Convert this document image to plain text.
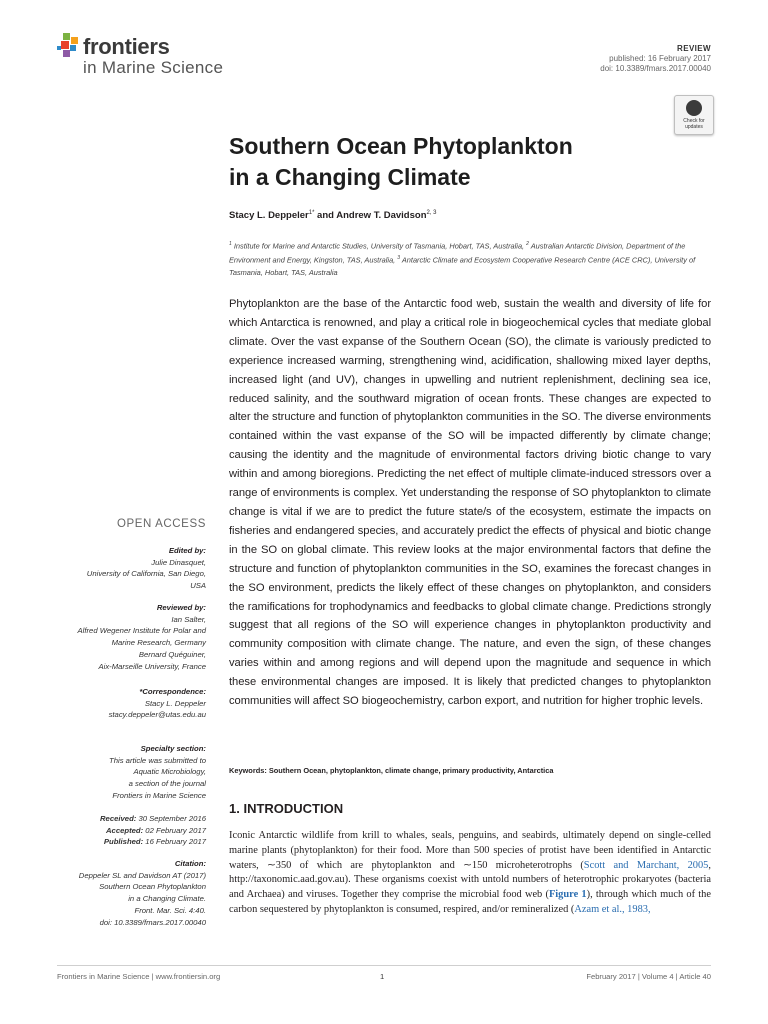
frontiers
in Marine Science
REVIEW
published: 16 February 2017
doi: 10.3389/fmars.2017.00040
Check for
updates
Southern Ocean Phytoplankton
in a Changing Climate
Stacy L. Deppeler$^{1*}$ and Andrew T. Davidson$^{2, 3}$
$^1$ Institute for Marine and Antarctic Studies, University of Tasmania, Hobart, TAS, Australia, $^2$ Australian Antarctic Division, Department of the Environment and Energy, Kingston, TAS, Australia, $^3$ Antarctic Climate and Ecosystem Cooperative Research Centre (ACE CRC), University of Tasmania, Hobart, TAS, Australia
Phytoplankton are the base of the Antarctic food web, sustain the wealth and diversity of life for which Antarctica is renowned, and play a critical role in biogeochemical cycles that mediate global climate. Over the vast expanse of the Southern Ocean (SO), the climate is variously predicted to experience increased warming, strengthening wind, acidification, shallowing mixed layer depths, increased light (and UV), changes in upwelling and nutrient replenishment, declining sea ice, reduced salinity, and the southward migration of ocean fronts. These changes are expected to alter the structure and function of phytoplankton communities in the SO. The diverse environments contained within the vast expanse of the SO will be impacted differently by climate change; causing the identity and the magnitude of environmental factors driving biotic change to vary within and among bioregions. Predicting the net effect of multiple climate-induced stressors over a range of environments is complex. Yet understanding the response of SO phytoplankton to climate change is vital if we are to predict the future state/s of the ecosystem, estimate the impacts on fisheries and endangered species, and accurately predict the effects of physical and biotic change in the SO on global climate. This review looks at the major environmental factors that define the structure and function of phytoplankton communities in the SO, examines the forecast changes in the SO environment, predicts the likely effect of these changes on phytoplankton, and considers the ramifications for trophodynamics and feedbacks to global climate change. Predictions strongly suggest that all regions of the SO will experience changes in phytoplankton productivity and community composition with climate change. The nature, and even the sign, of these changes varies within and among regions and will depend upon the magnitude and sequence in which these environmental changes are imposed. It is likely that predicted changes to phytoplankton communities will affect SO biogeochemistry, carbon export, and nutrition for higher trophic levels.
Keywords: Southern Ocean, phytoplankton, climate change, primary productivity, Antarctica
1. INTRODUCTION
Iconic Antarctic wildlife from krill to whales, seals, penguins, and seabirds, ultimately depend on single-celled marine plants (phytoplankton) for their food. More than 500 species of protist have been identified in Antarctic waters, ∼350 of which are phytoplankton and ∼150 microheterotrophs (Scott and Marchant, 2005, http://taxonomic.aad.gov.au). These organisms coexist with untold numbers of heterotrophic prokaryotes (bacteria and Archaea) and viruses. Together they comprise the microbial food web (Figure 1), through which much of the carbon sequestered by phytoplankton is consumed, respired, and/or remineralized (Azam et al., 1983,
OPEN ACCESS
Edited by:
Julie Dinasquet,
University of California, San Diego,
USA
Reviewed by:
Ian Salter,
Alfred Wegener Institute for Polar and
Marine Research, Germany
Bernard Quéguiner,
Aix-Marseille University, France
*Correspondence:
Stacy L. Deppeler
stacy.deppeler@utas.edu.au
Specialty section:
This article was submitted to
Aquatic Microbiology,
a section of the journal
Frontiers in Marine Science
Received: 30 September 2016
Accepted: 02 February 2017
Published: 16 February 2017
Citation:
Deppeler SL and Davidson AT (2017)
Southern Ocean Phytoplankton
in a Changing Climate.
Front. Mar. Sci. 4:40.
doi: 10.3389/fmars.2017.00040
Frontiers in Marine Science | www.frontiersin.org	1	February 2017 | Volume 4 | Article 40
